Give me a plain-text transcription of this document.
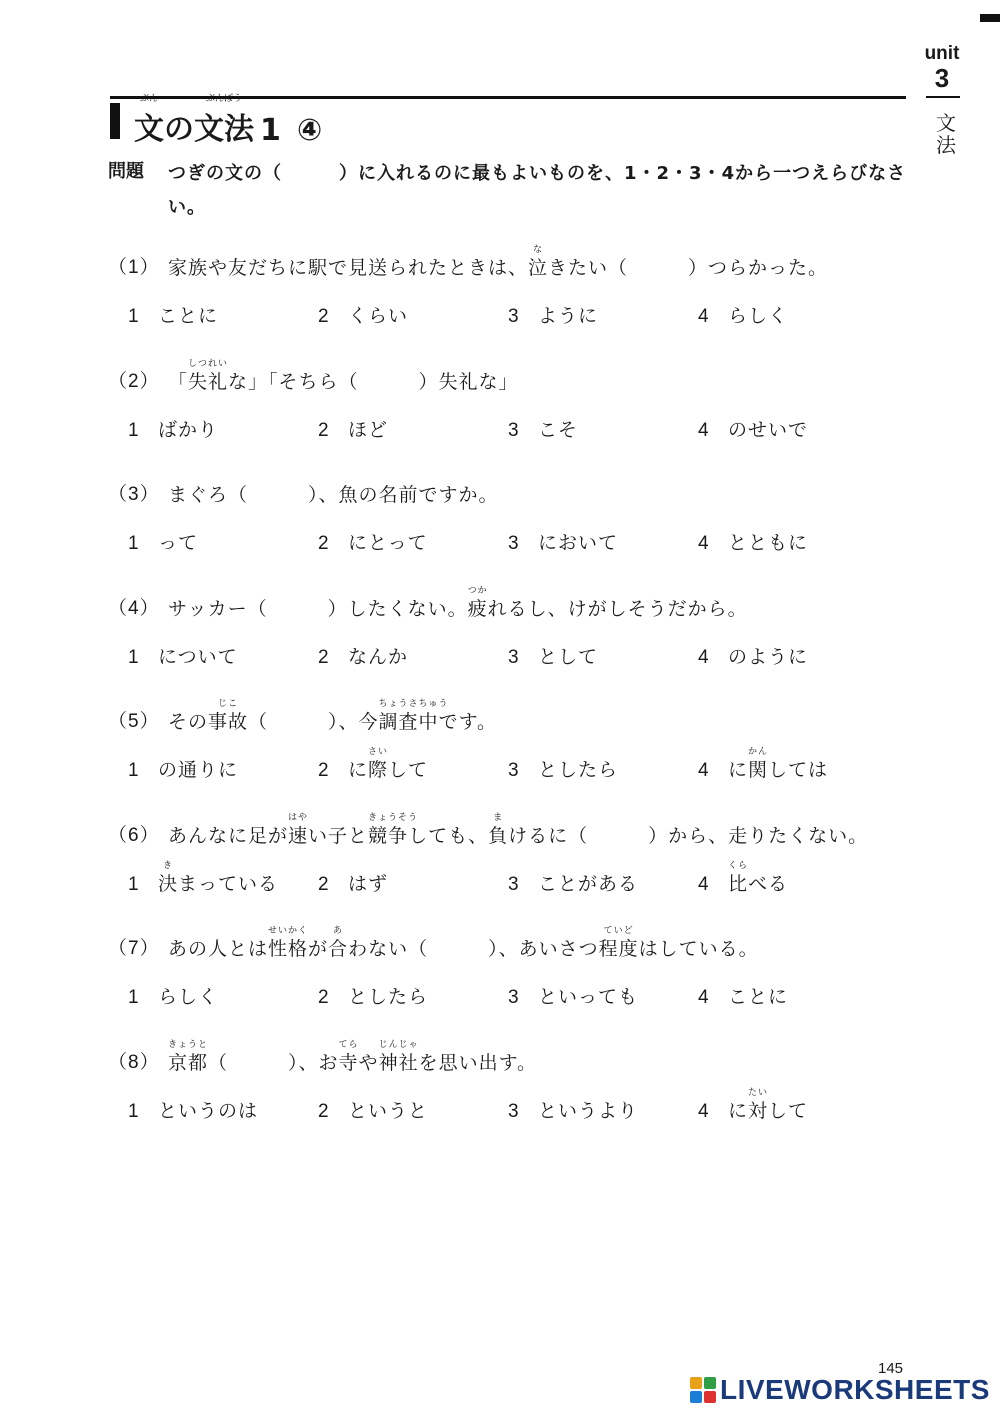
unit
3
文
法
文
ぶん
の 文法
ぶんぽう
1 ④
問題 つぎの文の（　　　）に入れるのに最もよいものを、1・2・3・4から一つえらびなさい。
（1） 家族や友だちに駅で見送られたときは、泣
な
きたい（　　　）つらかった。
1 ことに	2 くらい	3 ように	4 らしく
（2） 「失礼
しつれい
な」「そちら（　　　）失礼な」
1 ばかり	2 ほど	3 こそ	4 のせいで
（3） まぐろ（　　　）、魚の名前ですか。
1 って	2 にとって	3 において	4 とともに
（4） サッカー（　　　）したくない。疲
つか
れるし、けがしそうだから。
1 について	2 なんか	3 として	4 のように
（5） その事故
じこ
（　　　）、今調査中
ちょうさちゅう
です。
1 の通りに	2 に際
さい
して	3 としたら	4 に関
かん
しては
（6） あんなに足が速
はや
い子と競争
きょうそう
しても、負
ま
けるに（　　　）から、走りたくない。
1 決
き
まっている 2 はず	3 ことがある	4 比
くら
べる
（7） あの人とは性格
せいかく
が合
あ
わない（　　　）、あいさつ程度
ていど
はしている。
1 らしく	2 としたら	3 といっても	4 ことに
（8） 京都
きょうと
（　　　）、お寺
てら
や神社
じんじゃ
を思い出す。
1 というのは	2 というと	3 というより	4 に対
たい
して
145
LIVEWORKSHEETS
